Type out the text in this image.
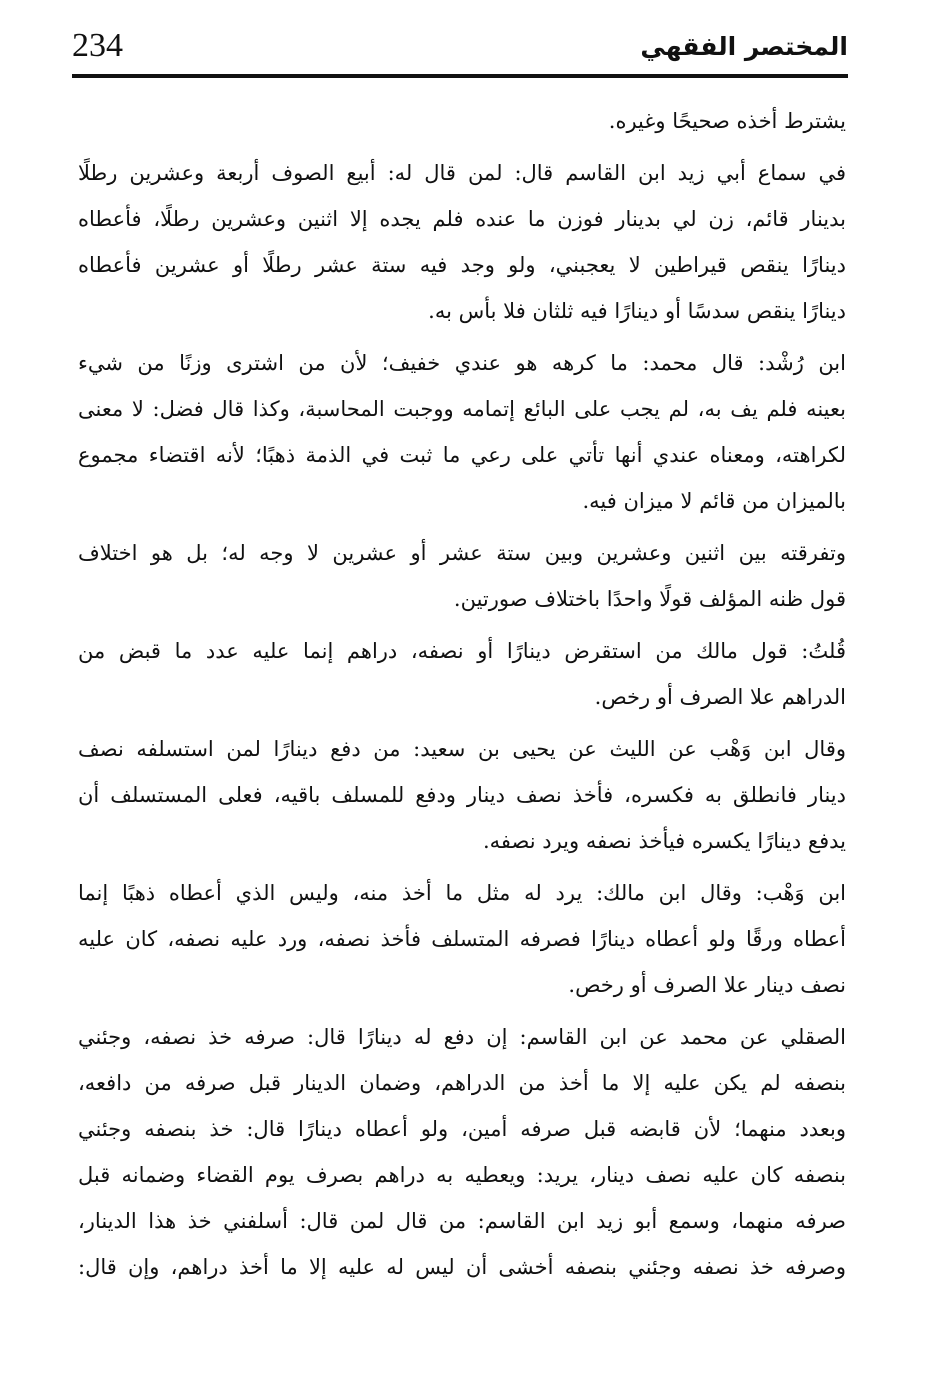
234	المختصر الفقهي
يشترط أخذه صحيحًا وغيره.
في سماع أبي زيد ابن القاسم قال: لمن قال له: أبيع الصوف أربعة وعشرين رطلًا
بدينار قائم، زن لي بدينار فوزن ما عنده فلم يجده إلا اثنين وعشرين رطلًا، فأعطاه
دينارًا ينقص قيراطين لا يعجبني، ولو وجد فيه ستة عشر رطلًا أو عشرين فأعطاه
دينارًا ينقص سدسًا أو دينارًا فيه ثلثان فلا بأس به.
ابن رُشْد: قال محمد: ما كرهه هو عندي خفيف؛ لأن من اشترى وزنًا من شيء
بعينه فلم يف به، لم يجب على البائع إتمامه ووجبت المحاسبة، وكذا قال فضل: لا معنى
لكراهته، ومعناه عندي أنها تأتي على رعي ما ثبت في الذمة ذهبًا؛ لأنه اقتضاء مجموع
بالميزان من قائم لا ميزان فيه.
وتفرقته بين اثنين وعشرين وبين ستة عشر أو عشرين لا وجه له؛ بل هو اختلاف
قول ظنه المؤلف قولًا واحدًا باختلاف صورتين.
قُلتُ: قول مالك من استقرض دينارًا أو نصفه، دراهم إنما عليه عدد ما قبض من
الدراهم علا الصرف أو رخص.
وقال ابن وَهْب عن الليث عن يحيى بن سعيد: من دفع دينارًا لمن استسلفه نصف
دينار فانطلق به فكسره، فأخذ نصف دينار ودفع للمسلف باقيه، فعلى المستسلف أن
يدفع دينارًا يكسره فيأخذ نصفه ويرد نصفه.
ابن وَهْب: وقال ابن مالك: يرد له مثل ما أخذ منه، وليس الذي أعطاه ذهبًا إنما
أعطاه ورقًا ولو أعطاه دينارًا فصرفه المتسلف فأخذ نصفه، ورد عليه نصفه، كان عليه
نصف دينار علا الصرف أو رخص.
الصقلي عن محمد عن ابن القاسم: إن دفع له دينارًا قال: صرفه خذ نصفه، وجئني
بنصفه لم يكن عليه إلا ما أخذ من الدراهم، وضمان الدينار قبل صرفه من دافعه،
وبعدد منهما؛ لأن قابضه قبل صرفه أمين، ولو أعطاه دينارًا قال: خذ بنصفه وجئني
بنصفه كان عليه نصف دينار، يريد: ويعطيه به دراهم بصرف يوم القضاء وضمانه قبل
صرفه منهما، وسمع أبو زيد ابن القاسم: من قال لمن قال: أسلفني خذ هذا الدينار،
وصرفه خذ نصفه وجئني بنصفه أخشى أن ليس له عليه إلا ما أخذ دراهم، وإن قال:
